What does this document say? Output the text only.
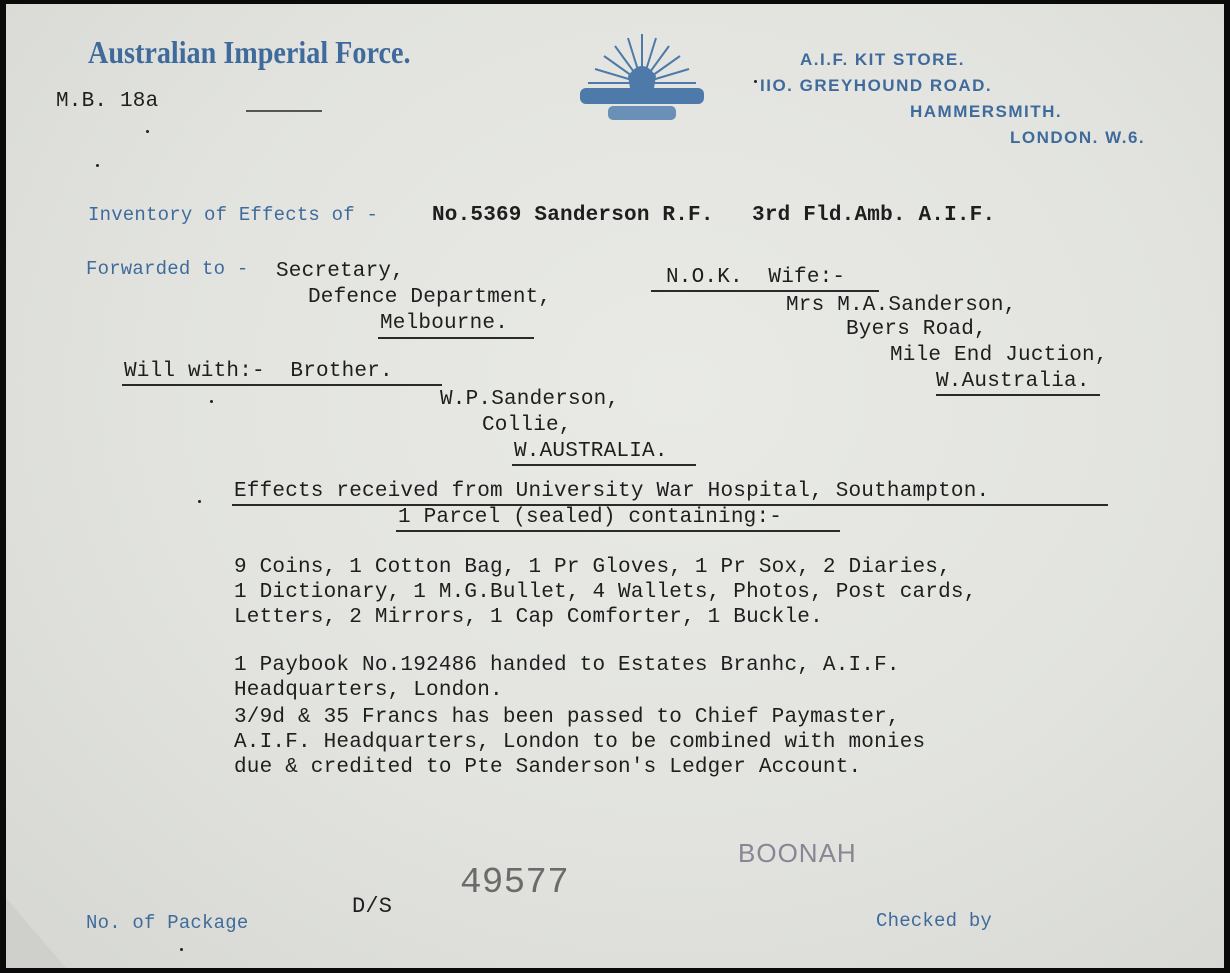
Australian Imperial Force.
M.B. 18a
A.I.F. KIT STORE.
IIO. GREYHOUND ROAD.
HAMMERSMITH.
LONDON. W.6.
Inventory of Effects of -	No.5369 Sanderson R.F.   3rd Fld.Amb. A.I.F.
Forwarded to - Secretary,
Defence Department,
Melbourne.
N.O.K.  Wife:-
Mrs M.A.Sanderson,
Byers Road,
Mile End Juction,
W.Australia.
Will with:-  Brother.
W.P.Sanderson,
Collie,
W.AUSTRALIA.
Effects received from University War Hospital, Southampton.
1 Parcel (sealed) containing:-
9 Coins, 1 Cotton Bag, 1 Pr Gloves, 1 Pr Sox, 2 Diaries,
1 Dictionary, 1 M.G.Bullet, 4 Wallets, Photos, Post cards,
Letters, 2 Mirrors, 1 Cap Comforter, 1 Buckle.
1 Paybook No.192486 handed to Estates Branhc, A.I.F.
Headquarters, London.
3/9d & 35 Francs has been passed to Chief Paymaster,
A.I.F. Headquarters, London to be combined with monies
due & credited to Pte Sanderson's Ledger Account.
BOONAH
49577
D/S
No. of Package	Checked by
